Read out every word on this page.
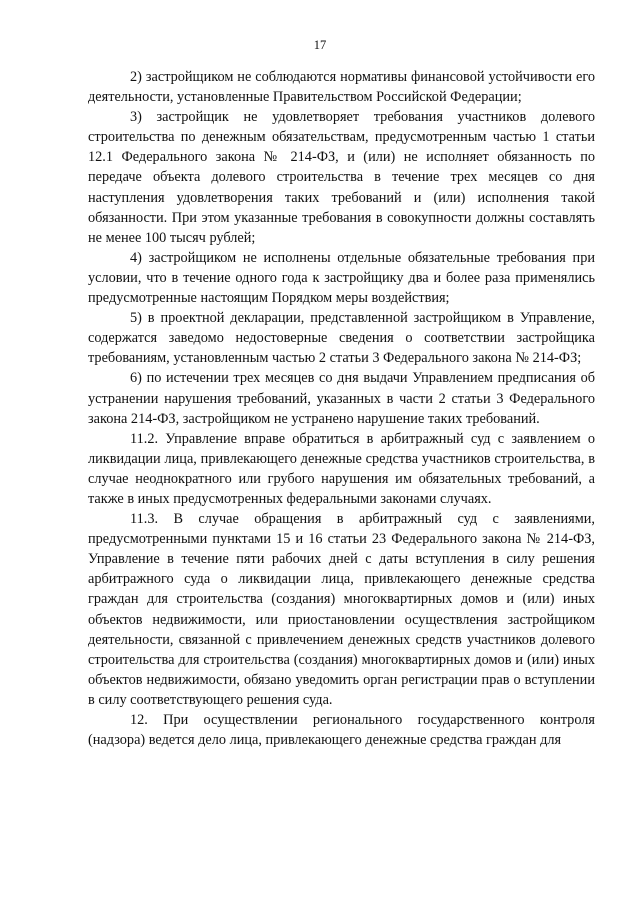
17

2) застройщиком не соблюдаются нормативы финансовой устойчивости его деятельности, установленные Правительством Российской Федерации;

3) застройщик не удовлетворяет требования участников долевого строительства по денежным обязательствам, предусмотренным частью 1 статьи 12.1 Федерального закона № 214-ФЗ, и (или) не исполняет обязанность по передаче объекта долевого строительства в течение трех месяцев со дня наступления удовлетворения таких требований и (или) исполнения такой обязанности. При этом указанные требования в совокупности должны составлять не менее 100 тысяч рублей;

4) застройщиком не исполнены отдельные обязательные требования при условии, что в течение одного года к застройщику два и более раза применялись предусмотренные настоящим Порядком меры воздействия;

5) в проектной декларации, представленной застройщиком в Управление, содержатся заведомо недостоверные сведения о соответствии застройщика требованиям, установленным частью 2 статьи 3 Федерального закона № 214-ФЗ;

6) по истечении трех месяцев со дня выдачи Управлением предписания об устранении нарушения требований, указанных в части 2 статьи 3 Федерального закона 214-ФЗ, застройщиком не устранено нарушение таких требований.

11.2. Управление вправе обратиться в арбитражный суд с заявлением о ликвидации лица, привлекающего денежные средства участников строительства, в случае неоднократного или грубого нарушения им обязательных требований, а также в иных предусмотренных федеральными законами случаях.

11.3. В случае обращения в арбитражный суд с заявлениями, предусмотренными пунктами 15 и 16 статьи 23 Федерального закона № 214-ФЗ, Управление в течение пяти рабочих дней с даты вступления в силу решения арбитражного суда о ликвидации лица, привлекающего денежные средства граждан для строительства (создания) многоквартирных домов и (или) иных объектов недвижимости, или приостановлении осуществления застройщиком деятельности, связанной с привлечением денежных средств участников долевого строительства для строительства (создания) многоквартирных домов и (или) иных объектов недвижимости, обязано уведомить орган регистрации прав о вступлении в силу соответствующего решения суда.

12. При осуществлении регионального государственного контроля (надзора) ведется дело лица, привлекающего денежные средства граждан для
